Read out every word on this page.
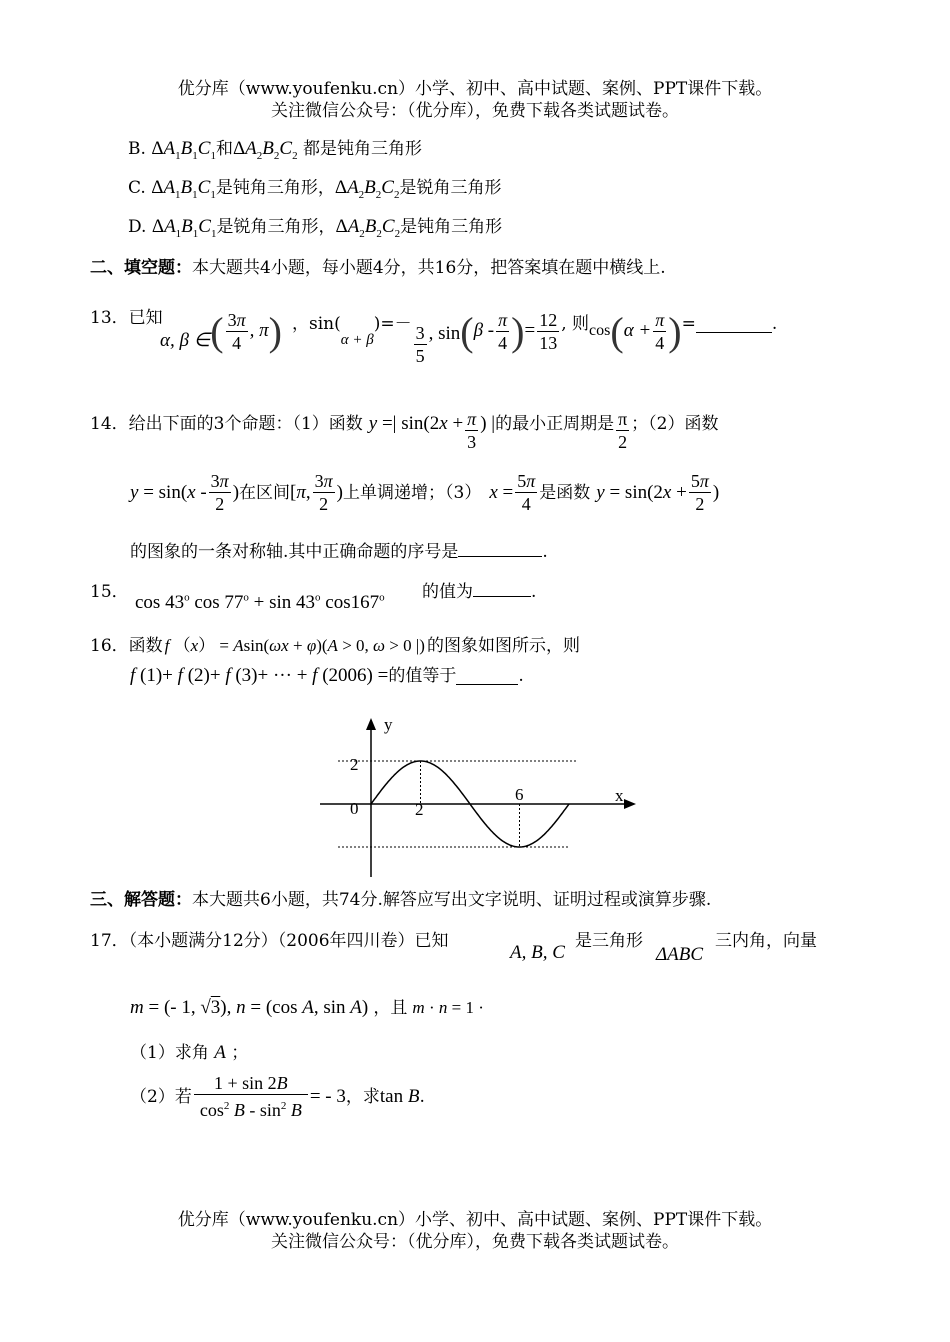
优分库（www.youfenku.cn）小学、初中、高中试题、案例、PPT课件下载。
关注微信公众号：（优分库），免费下载各类试题试卷。
B. $\Delta A_1B_1C_1$和$\Delta A_2B_2C_2$ 都是钝角三角形
C. $\Delta A_1B_1C_1$是钝角三角形，$\Delta A_2B_2C_2$是锐角三角形
D. $\Delta A_1B_1C_1$是锐角三角形，$\Delta A_2B_2C_2$是钝角三角形
二、填空题：本大题共4小题，每小题4分，共16分，把答案填在题中横线上.
13．已知
α, β ∈ ( $\frac{3\pi}{4}$ , π ) ，sin(
α + β
)=－ $\frac{3}{5}$ , sin ( β - $\frac{\pi}{4}$ ) = $\frac{12}{13}$ , 则 cos ( $\alpha + \frac{\pi}{4}$ ) =	.
14． 给出下面的3个命题：（1）函数 y =| $\sin(2x + \frac{\pi}{3}$ ) | 的最小正周期是 $\frac{\pi}{2}$ ；（2）函数
$y = \sin(x - \frac{3\pi}{2}$ ) 在区间 [π, $\frac{3\pi}{2}$ ) 上单调递增；（3） $x = \frac{5\pi}{4}$ 是函数 $y = \sin(2x + \frac{5\pi}{2}$ )
的图象的一条对称轴.其中正确命题的序号是	.
15．
cos 43$^o$ $\cos 77^o + \sin 43^o$ cos167$^o$ 的值为	.
16． 函数 f （x） = Asin(ωx + φ)(A > 0, ω > 0 |) 的图象如图所示，则
f (1)+ f (2)+ f (3)+ ··· + f (2006) = 的值等于	.
y
x
0
2
2
6
三、解答题：本大题共6小题，共74分.解答应写出文字说明、证明过程或演算步骤.
17．（本小题满分12分）（2006年四川卷）已知
A, B, C
是三角形
ΔABC
三内角，向量
m = (- 1, √3), n = (cos A, sin A) ，且 m · n = 1 ·
（1）求角 A ；
（2）若 $\frac{1 + \sin 2B}{\cos^2 B - \sin^2 B}$ = - 3 ，求 tan B .
优分库（www.youfenku.cn）小学、初中、高中试题、案例、PPT课件下载。
关注微信公众号：（优分库），免费下载各类试题试卷。
